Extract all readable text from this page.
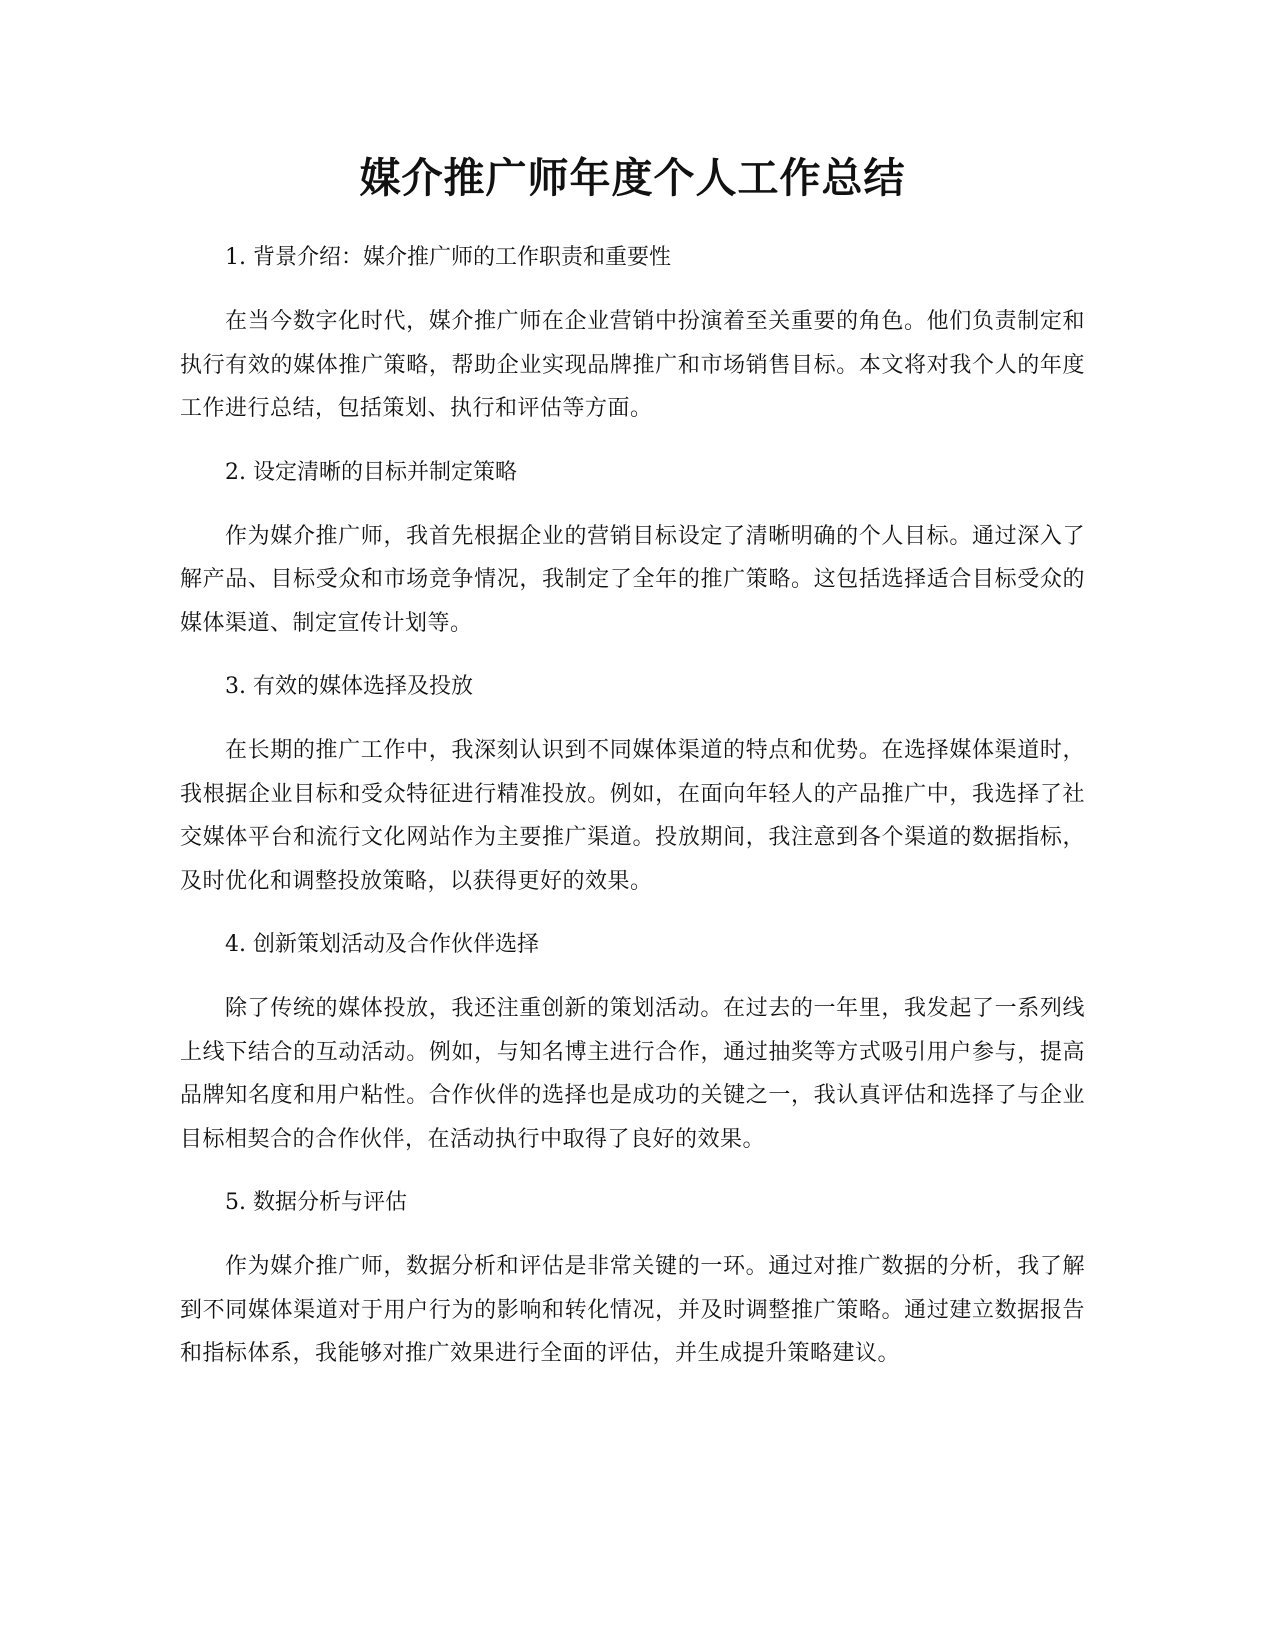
媒介推广师年度个人工作总结

1. 背景介绍：媒介推广师的工作职责和重要性

在当今数字化时代，媒介推广师在企业营销中扮演着至关重要的角色。他们负责制定和执行有效的媒体推广策略，帮助企业实现品牌推广和市场销售目标。本文将对我个人的年度工作进行总结，包括策划、执行和评估等方面。

2. 设定清晰的目标并制定策略

作为媒介推广师，我首先根据企业的营销目标设定了清晰明确的个人目标。通过深入了解产品、目标受众和市场竞争情况，我制定了全年的推广策略。这包括选择适合目标受众的媒体渠道、制定宣传计划等。

3. 有效的媒体选择及投放

在长期的推广工作中，我深刻认识到不同媒体渠道的特点和优势。在选择媒体渠道时，我根据企业目标和受众特征进行精准投放。例如，在面向年轻人的产品推广中，我选择了社交媒体平台和流行文化网站作为主要推广渠道。投放期间，我注意到各个渠道的数据指标，及时优化和调整投放策略，以获得更好的效果。

4. 创新策划活动及合作伙伴选择

除了传统的媒体投放，我还注重创新的策划活动。在过去的一年里，我发起了一系列线上线下结合的互动活动。例如，与知名博主进行合作，通过抽奖等方式吸引用户参与，提高品牌知名度和用户粘性。合作伙伴的选择也是成功的关键之一，我认真评估和选择了与企业目标相契合的合作伙伴，在活动执行中取得了良好的效果。

5. 数据分析与评估

作为媒介推广师，数据分析和评估是非常关键的一环。通过对推广数据的分析，我了解到不同媒体渠道对于用户行为的影响和转化情况，并及时调整推广策略。通过建立数据报告和指标体系，我能够对推广效果进行全面的评估，并生成提升策略建议。
